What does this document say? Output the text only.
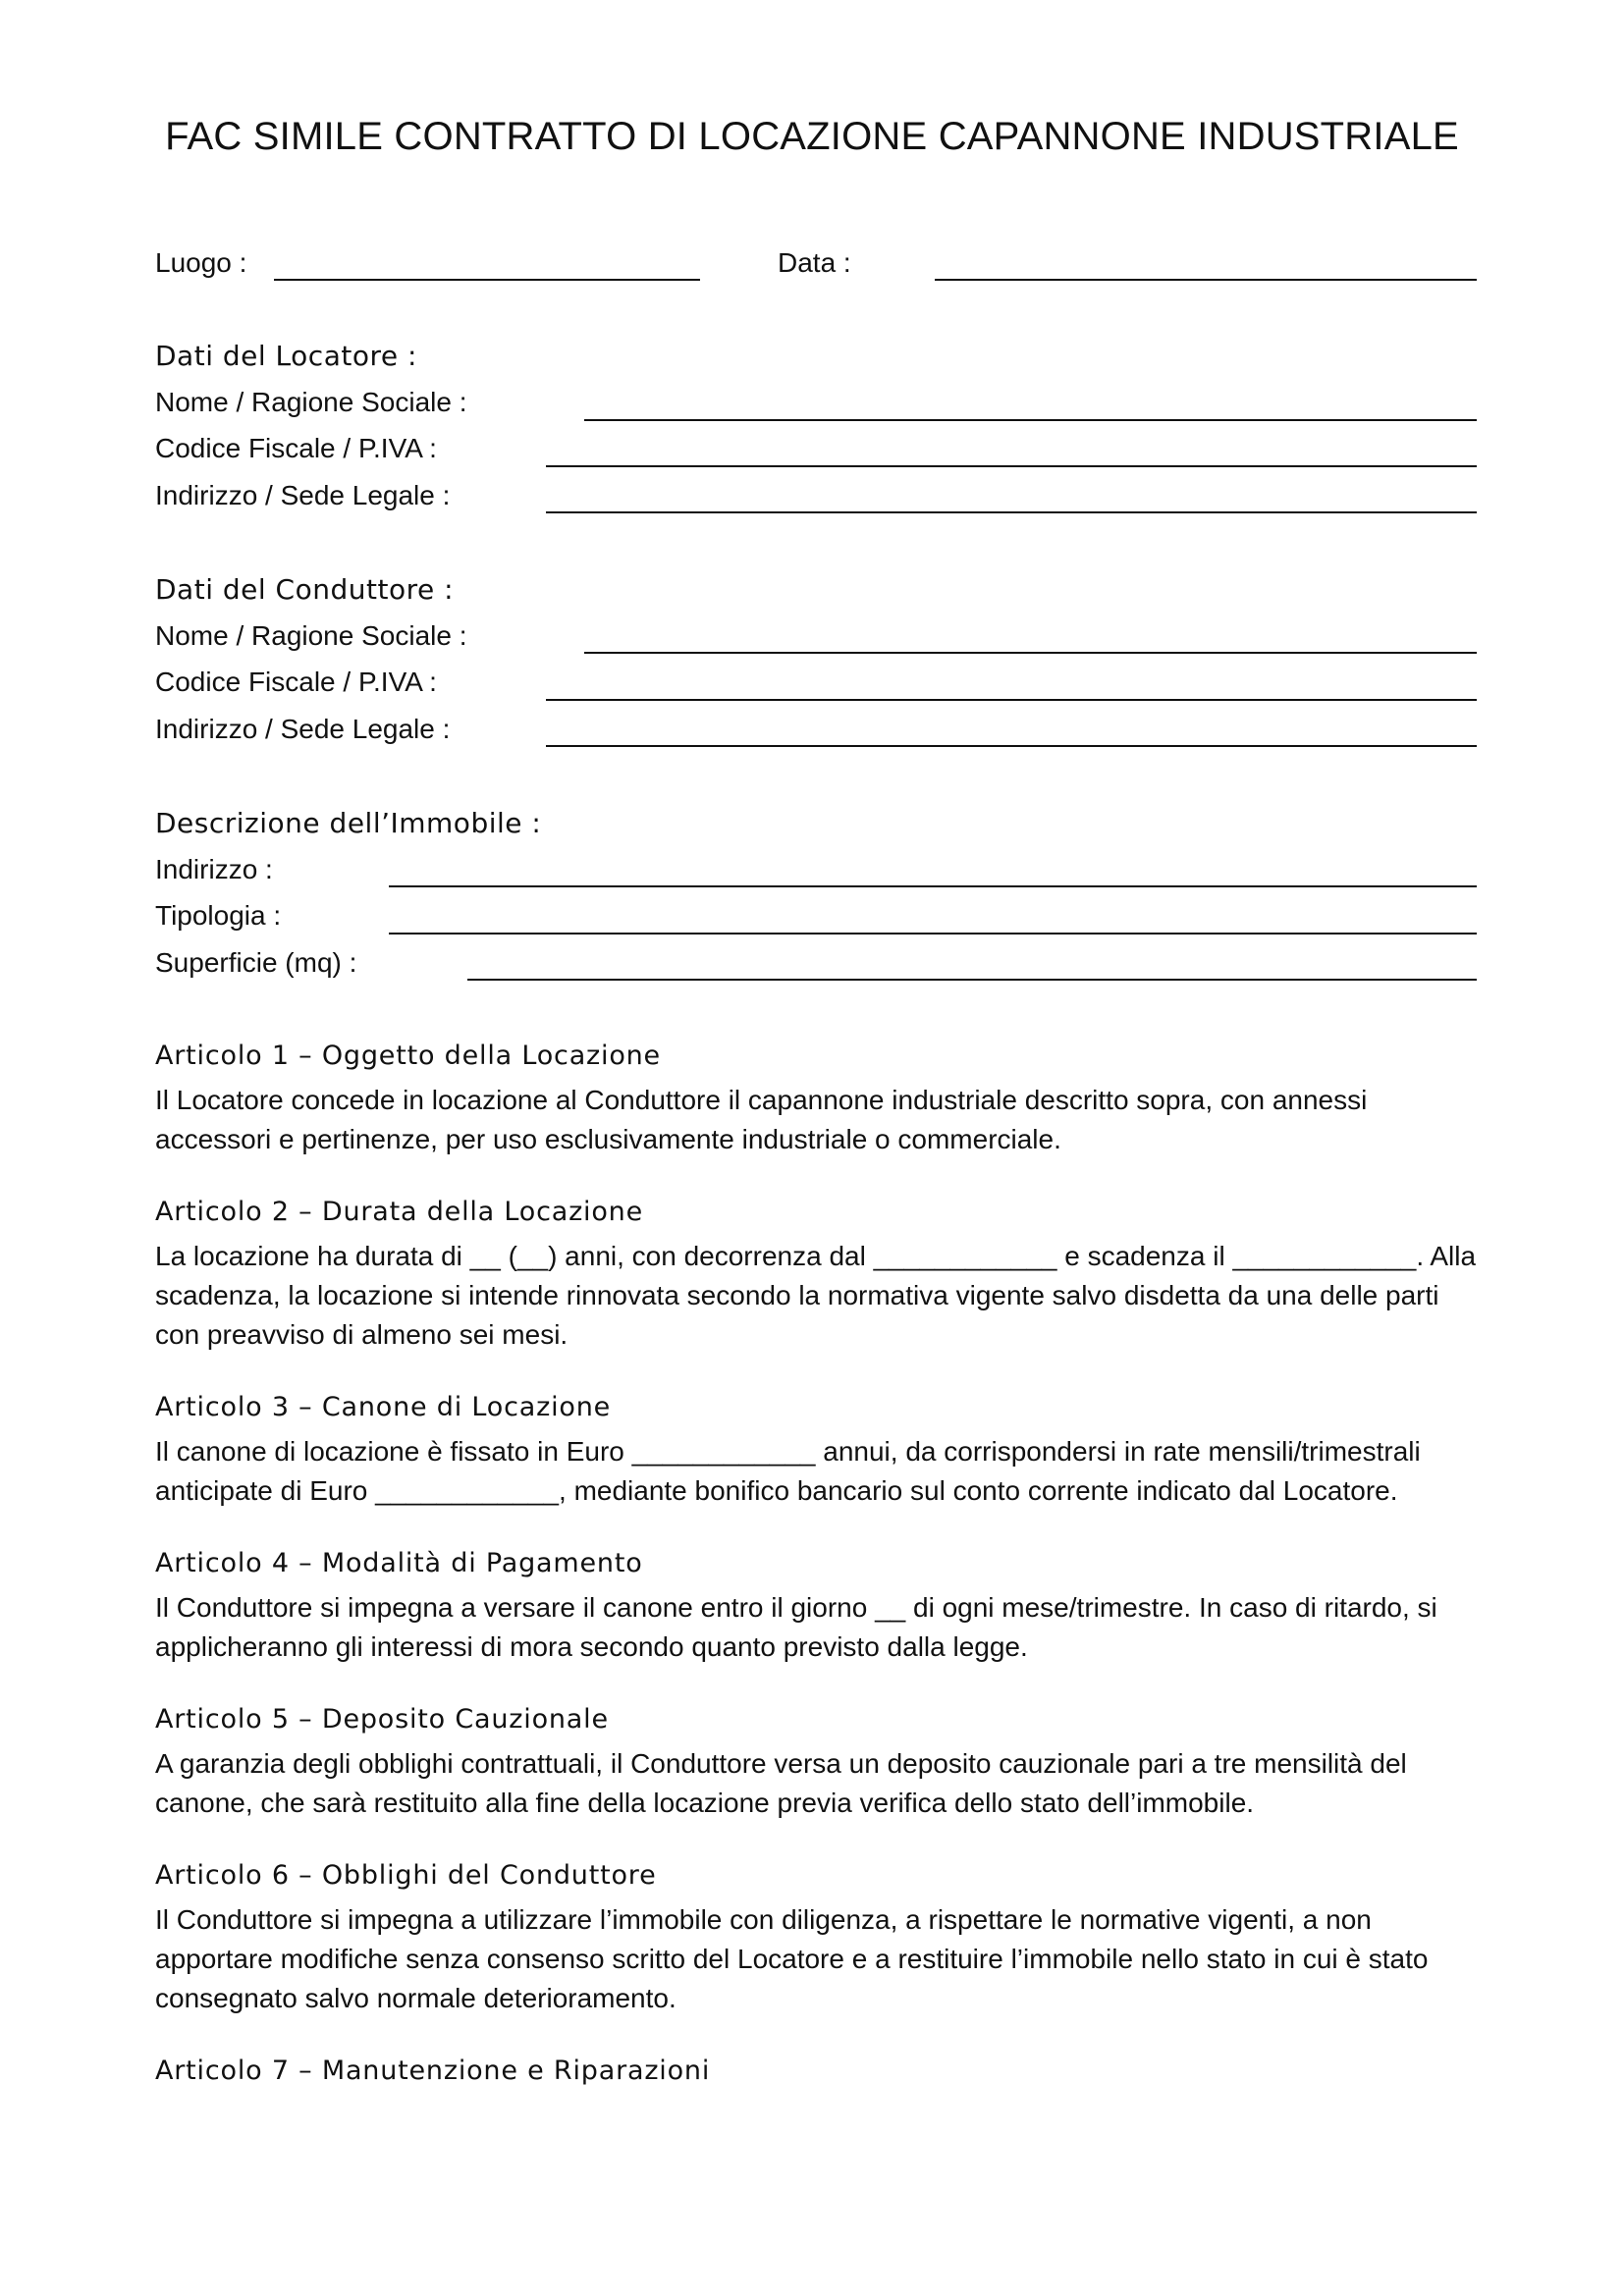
FAC SIMILE CONTRATTO DI LOCAZIONE CAPANNONE INDUSTRIALE
Luogo :	Data :
Dati del Locatore :
Nome / Ragione Sociale :
Codice Fiscale / P.IVA :
Indirizzo / Sede Legale :
Dati del Conduttore :
Nome / Ragione Sociale :
Codice Fiscale / P.IVA :
Indirizzo / Sede Legale :
Descrizione dell’Immobile :
Indirizzo :
Tipologia :
Superficie (mq) :
Articolo 1 – Oggetto della Locazione
Il Locatore concede in locazione al Conduttore il capannone industriale descritto sopra, con annessi
accessori e pertinenze, per uso esclusivamente industriale o commerciale.
Articolo 2 – Durata della Locazione
La locazione ha durata di __ (__) anni, con decorrenza dal ____________ e scadenza il ____________. Alla
scadenza, la locazione si intende rinnovata secondo la normativa vigente salvo disdetta da una delle parti
con preavviso di almeno sei mesi.
Articolo 3 – Canone di Locazione
Il canone di locazione è fissato in Euro ____________ annui, da corrispondersi in rate mensili/trimestrali
anticipate di Euro ____________, mediante bonifico bancario sul conto corrente indicato dal Locatore.
Articolo 4 – Modalità di Pagamento
Il Conduttore si impegna a versare il canone entro il giorno __ di ogni mese/trimestre. In caso di ritardo, si
applicheranno gli interessi di mora secondo quanto previsto dalla legge.
Articolo 5 – Deposito Cauzionale
A garanzia degli obblighi contrattuali, il Conduttore versa un deposito cauzionale pari a tre mensilità del
canone, che sarà restituito alla fine della locazione previa verifica dello stato dell’immobile.
Articolo 6 – Obblighi del Conduttore
Il Conduttore si impegna a utilizzare l’immobile con diligenza, a rispettare le normative vigenti, a non
apportare modifiche senza consenso scritto del Locatore e a restituire l’immobile nello stato in cui è stato
consegnato salvo normale deterioramento.
Articolo 7 – Manutenzione e Riparazioni
